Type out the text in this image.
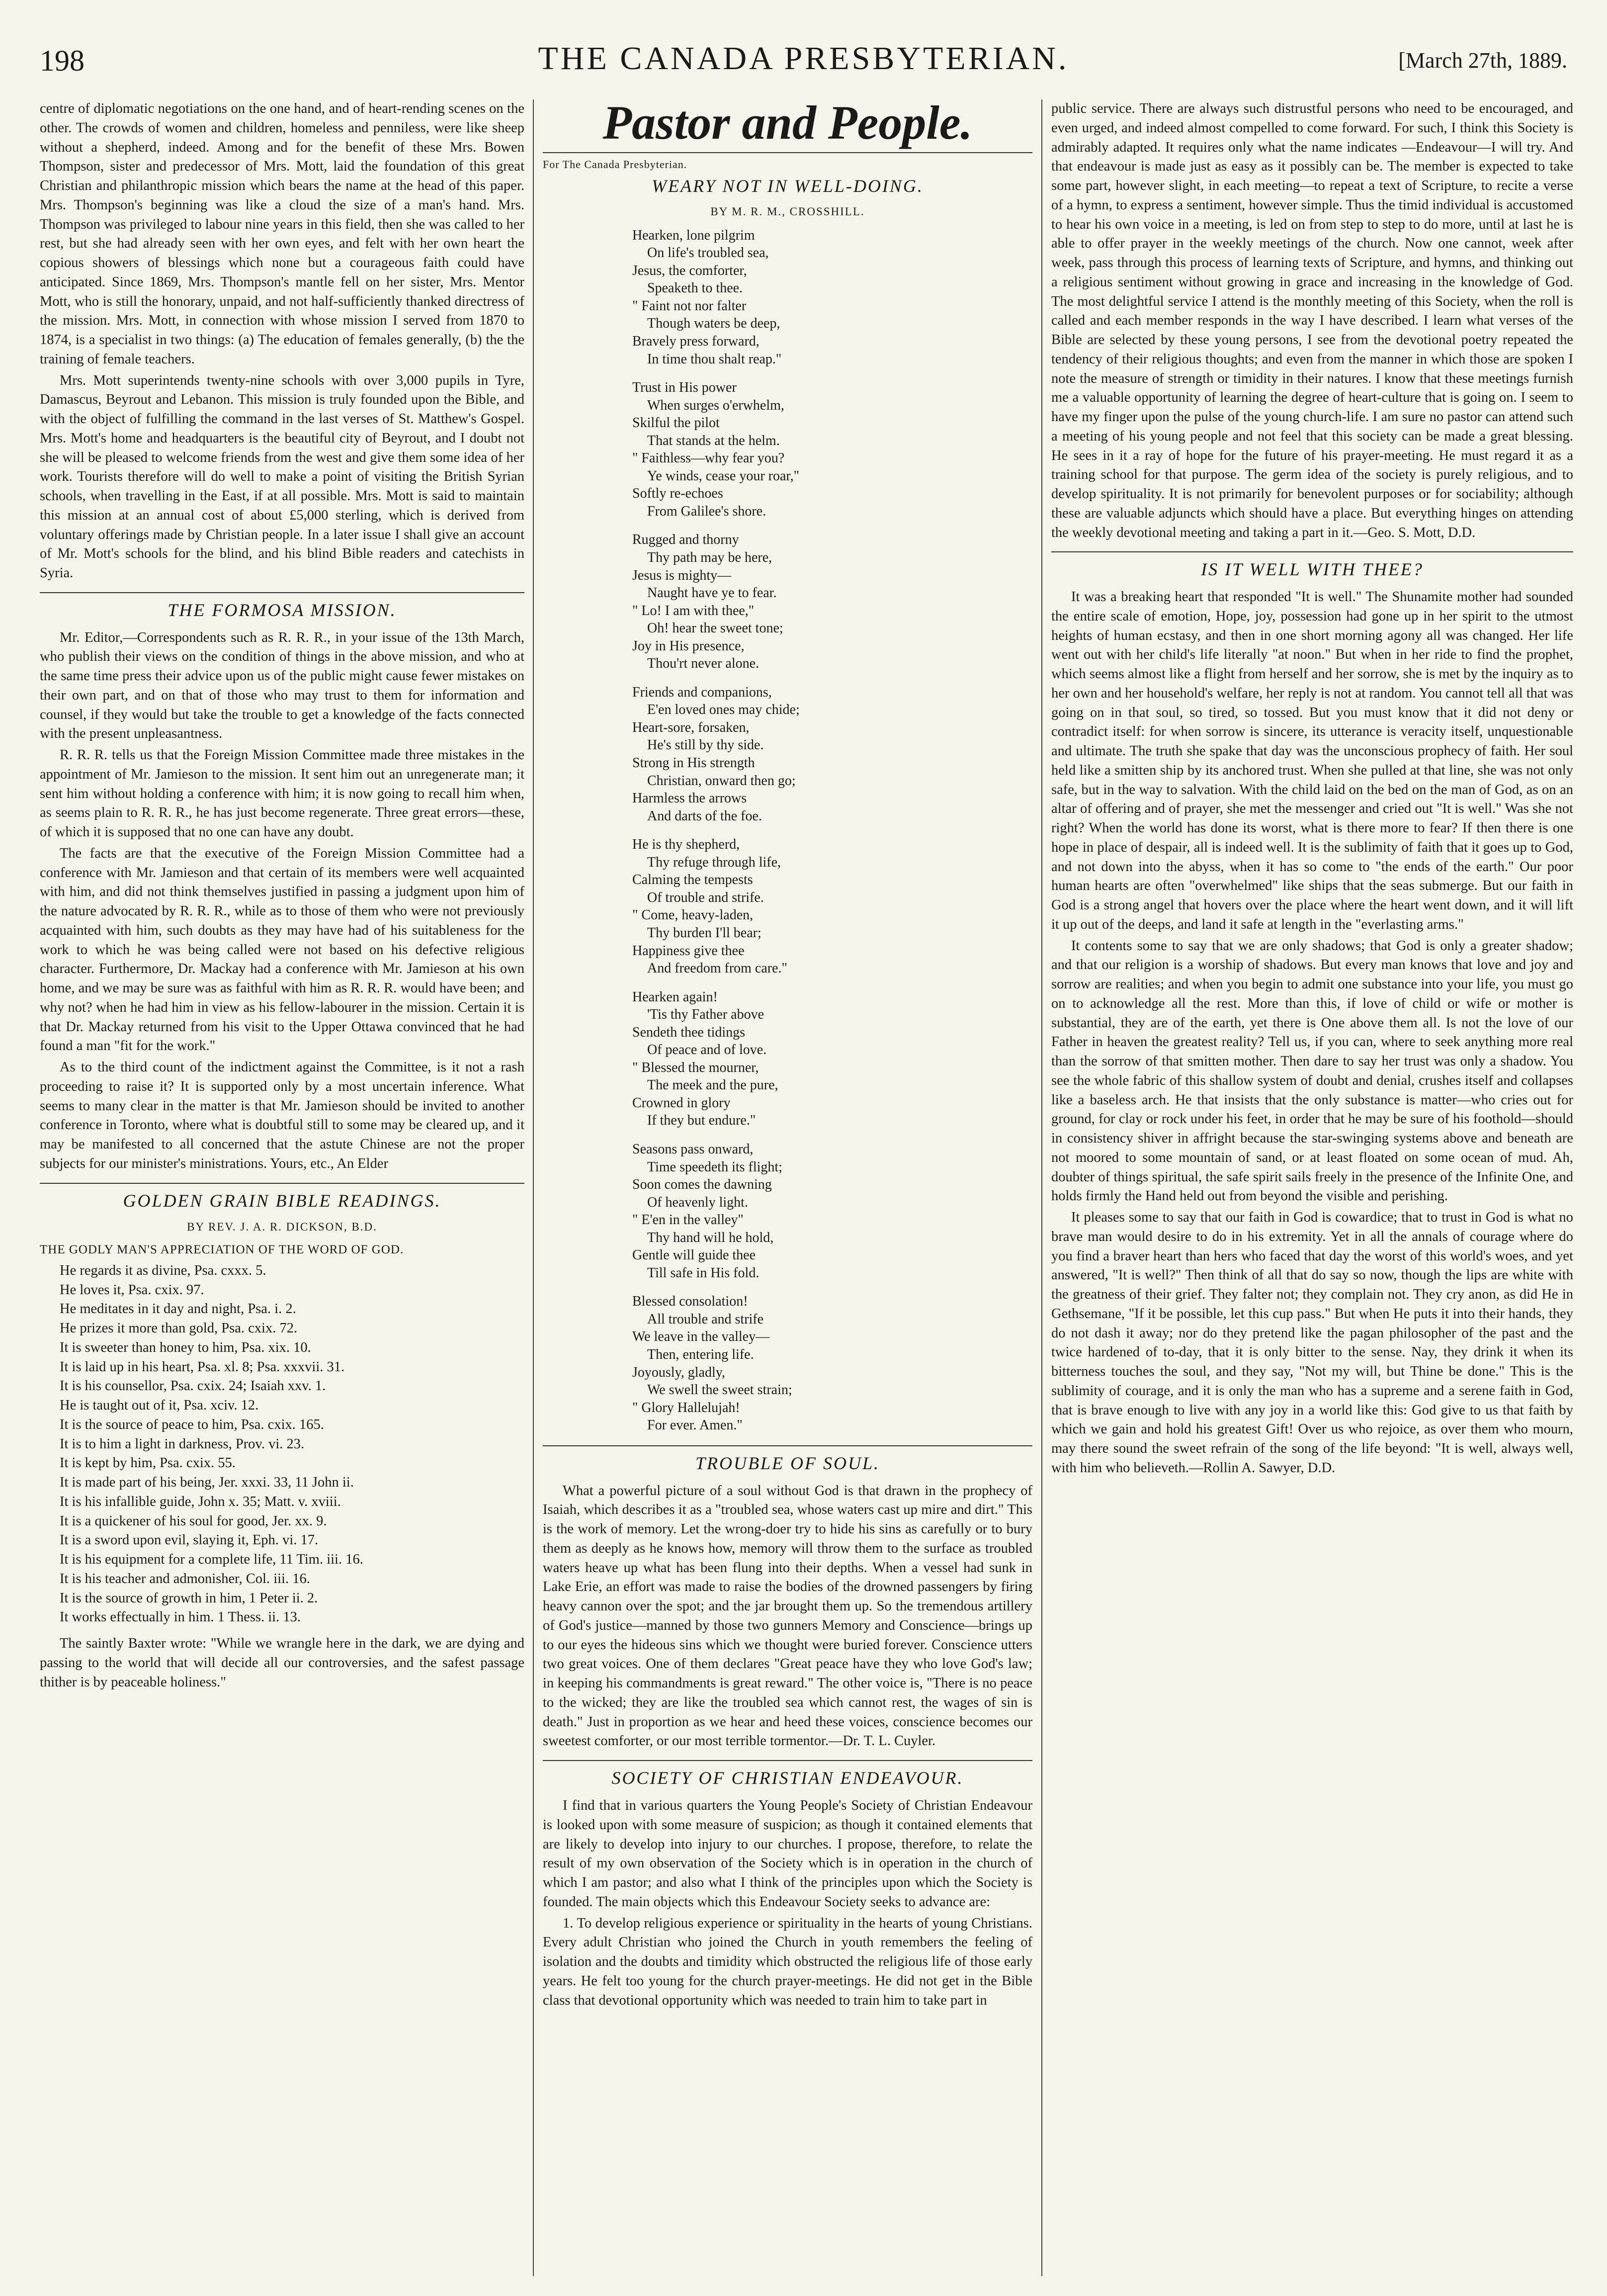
198	THE CANADA PRESBYTERIAN.	[March 27th, 1889.

centre of diplomatic negotiations on the one hand, and of heart-rending scenes on the other. The crowds of women and children, homeless and penniless, were like sheep without a shepherd, indeed. Among and for the benefit of these Mrs. Bowen Thompson, sister and predecessor of Mrs. Mott, laid the foundation of this great Christian and philanthropic mission which bears the name at the head of this paper. Mrs. Thompson's beginning was like a cloud the size of a man's hand. Mrs. Thompson was privileged to labour nine years in this field, then she was called to her rest, but she had already seen with her own eyes, and felt with her own heart the copious showers of blessings which none but a courageous faith could have anticipated. Since 1869, Mrs. Thompson's mantle fell on her sister, Mrs. Mentor Mott, who is still the honorary, unpaid, and not half-sufficiently thanked directress of the mission. Mrs. Mott, in connection with whose mission I served from 1870 to 1874, is a specialist in two things: (a) The education of females generally, (b) the the training of female teachers.

Mrs. Mott superintends twenty-nine schools with over 3,000 pupils in Tyre, Damascus, Beyrout and Lebanon. This mission is truly founded upon the Bible, and with the object of fulfilling the command in the last verses of St. Matthew's Gospel. Mrs. Mott's home and headquarters is the beautiful city of Beyrout, and I doubt not she will be pleased to welcome friends from the west and give them some idea of her work. Tourists therefore will do well to make a point of visiting the British Syrian schools, when travelling in the East, if at all possible. Mrs. Mott is said to maintain this mission at an annual cost of about £5,000 sterling, which is derived from voluntary offerings made by Christian people. In a later issue I shall give an account of Mr. Mott's schools for the blind, and his blind Bible readers and catechists in Syria.

THE FORMOSA MISSION.

Mr. Editor,—Correspondents such as R. R. R., in your issue of the 13th March, who publish their views on the condition of things in the above mission, and who at the same time press their advice upon us of the public might cause fewer mistakes on their own part, and on that of those who may trust to them for information and counsel, if they would but take the trouble to get a knowledge of the facts connected with the present unpleasantness.

R. R. R. tells us that the Foreign Mission Committee made three mistakes in the appointment of Mr. Jamieson to the mission. It sent him out an unregenerate man; it sent him without holding a conference with him; it is now going to recall him when, as seems plain to R. R. R., he has just become regenerate. Three great errors—these, of which it is supposed that no one can have any doubt.

The facts are that the executive of the Foreign Mission Committee had a conference with Mr. Jamieson and that certain of its members were well acquainted with him, and did not think themselves justified in passing a judgment upon him of the nature advocated by R. R. R., while as to those of them who were not previously acquainted with him, such doubts as they may have had of his suitableness for the work to which he was being called were not based on his defective religious character. Furthermore, Dr. Mackay had a conference with Mr. Jamieson at his own home, and we may be sure was as faithful with him as R. R. R. would have been; and why not? when he had him in view as his fellow-labourer in the mission. Certain it is that Dr. Mackay returned from his visit to the Upper Ottawa convinced that he had found a man "fit for the work."

As to the third count of the indictment against the Committee, is it not a rash proceeding to raise it? It is supported only by a most uncertain inference. What seems to many clear in the matter is that Mr. Jamieson should be invited to another conference in Toronto, where what is doubtful still to some may be cleared up, and it may be manifested to all concerned that the astute Chinese are not the proper subjects for our minister's ministrations. Yours, etc., An Elder

GOLDEN GRAIN BIBLE READINGS.
BY REV. J. A. R. DICKSON, B.D.
THE GODLY MAN'S APPRECIATION OF THE WORD OF GOD.
He regards it as divine, Psa. cxxx. 5.
He loves it, Psa. cxix. 97.
He meditates in it day and night, Psa. i. 2.
He prizes it more than gold, Psa. cxix. 72.
It is sweeter than honey to him, Psa. xix. 10.
It is laid up in his heart, Psa. xl. 8; Psa. xxxvii. 31.
It is his counsellor, Psa. cxix. 24; Isaiah xxv. 1.
He is taught out of it, Psa. xciv. 12.
It is the source of peace to him, Psa. cxix. 165.
It is to him a light in darkness, Prov. vi. 23.
It is kept by him, Psa. cxix. 55.
It is made part of his being, Jer. xxxi. 33, 11 John ii.
It is his infallible guide, John x. 35; Matt. v. xviii.
It is a quickener of his soul for good, Jer. xx. 9.
It is a sword upon evil, slaying it, Eph. vi. 17.
It is his equipment for a complete life, 11 Tim. iii. 16.
It is his teacher and admonisher, Col. iii. 16.
It is the source of growth in him, 1 Peter ii. 2.
It works effectually in him. 1 Thess. ii. 13.

The saintly Baxter wrote: "While we wrangle here in the dark, we are dying and passing to the world that will decide all our controversies, and the safest passage thither is by peaceable holiness."

Pastor and People.
For The Canada Presbyterian.
WEARY NOT IN WELL-DOING.
BY M. R. M., CROSSHILL.
Hearken, lone pilgrim
On life's troubled sea,
Jesus, the comforter,
Speaketh to thee.
" Faint not nor falter
Though waters be deep,
Bravely press forward,
In time thou shalt reap."
Trust in His power
When surges o'erwhelm,
Skilful the pilot
That stands at the helm.
" Faithless—why fear you?
Ye winds, cease your roar,"
Softly re-echoes
From Galilee's shore.
Rugged and thorny
Thy path may be here,
Jesus is mighty—
Naught have ye to fear.
" Lo! I am with thee,"
Oh! hear the sweet tone;
Joy in His presence,
Thou'rt never alone.
Friends and companions,
E'en loved ones may chide;
Heart-sore, forsaken,
He's still by thy side.
Strong in His strength
Christian, onward then go;
Harmless the arrows
And darts of the foe.
He is thy shepherd,
Thy refuge through life,
Calming the tempests
Of trouble and strife.
" Come, heavy-laden,
Thy burden I'll bear;
Happiness give thee
And freedom from care."
Hearken again!
'Tis thy Father above
Sendeth thee tidings
Of peace and of love.
" Blessed the mourner,
The meek and the pure,
Crowned in glory
If they but endure."
Seasons pass onward,
Time speedeth its flight;
Soon comes the dawning
Of heavenly light.
" E'en in the valley"
Thy hand will he hold,
Gentle will guide thee
Till safe in His fold.
Blessed consolation!
All trouble and strife
We leave in the valley—
Then, entering life.
Joyously, gladly,
We swell the sweet strain;
" Glory Hallelujah!
For ever. Amen."
TROUBLE OF SOUL.

What a powerful picture of a soul without God is that drawn in the prophecy of Isaiah, which describes it as a "troubled sea, whose waters cast up mire and dirt." This is the work of memory. Let the wrong-doer try to hide his sins as carefully or to bury them as deeply as he knows how, memory will throw them to the surface as troubled waters heave up what has been flung into their depths. When a vessel had sunk in Lake Erie, an effort was made to raise the bodies of the drowned passengers by firing heavy cannon over the spot; and the jar brought them up. So the tremendous artillery of God's justice—manned by those two gunners Memory and Conscience—brings up to our eyes the hideous sins which we thought were buried forever. Conscience utters two great voices. One of them declares "Great peace have they who love God's law; in keeping his commandments is great reward." The other voice is, "There is no peace to the wicked; they are like the troubled sea which cannot rest, the wages of sin is death." Just in proportion as we hear and heed these voices, conscience becomes our sweetest comforter, or our most terrible tormentor.—Dr. T. L. Cuyler.

SOCIETY OF CHRISTIAN ENDEAVOUR.

I find that in various quarters the Young People's Society of Christian Endeavour is looked upon with some measure of suspicion; as though it contained elements that are likely to develop into injury to our churches. I propose, therefore, to relate the result of my own observation of the Society which is in operation in the church of which I am pastor; and also what I think of the principles upon which the Society is founded. The main objects which this Endeavour Society seeks to advance are:

1. To develop religious experience or spirituality in the hearts of young Christians. Every adult Christian who joined the Church in youth remembers the feeling of isolation and the doubts and timidity which obstructed the religious life of those early years. He felt too young for the church prayer-meetings. He did not get in the Bible class that devotional opportunity which was needed to train him to take part in

public service. There are always such distrustful persons who need to be encouraged, and even urged, and indeed almost compelled to come forward. For such, I think this Society is admirably adapted. It requires only what the name indicates —Endeavour—I will try. And that endeavour is made just as easy as it possibly can be. The member is expected to take some part, however slight, in each meeting—to repeat a text of Scripture, to recite a verse of a hymn, to express a sentiment, however simple. Thus the timid individual is accustomed to hear his own voice in a meeting, is led on from step to step to do more, until at last he is able to offer prayer in the weekly meetings of the church. Now one cannot, week after week, pass through this process of learning texts of Scripture, and hymns, and thinking out a religious sentiment without growing in grace and increasing in the knowledge of God. The most delightful service I attend is the monthly meeting of this Society, when the roll is called and each member responds in the way I have described. I learn what verses of the Bible are selected by these young persons, I see from the devotional poetry repeated the tendency of their religious thoughts; and even from the manner in which those are spoken I note the measure of strength or timidity in their natures. I know that these meetings furnish me a valuable opportunity of learning the degree of heart-culture that is going on. I seem to have my finger upon the pulse of the young church-life. I am sure no pastor can attend such a meeting of his young people and not feel that this society can be made a great blessing. He sees in it a ray of hope for the future of his prayer-meeting. He must regard it as a training school for that purpose. The germ idea of the society is purely religious, and to develop spirituality. It is not primarily for benevolent purposes or for sociability; although these are valuable adjuncts which should have a place. But everything hinges on attending the weekly devotional meeting and taking a part in it.—Geo. S. Mott, D.D.

IS IT WELL WITH THEE?

It was a breaking heart that responded "It is well." The Shunamite mother had sounded the entire scale of emotion, Hope, joy, possession had gone up in her spirit to the utmost heights of human ecstasy, and then in one short morning agony all was changed. Her life went out with her child's life literally "at noon." But when in her ride to find the prophet, which seems almost like a flight from herself and her sorrow, she is met by the inquiry as to her own and her household's welfare, her reply is not at random. You cannot tell all that was going on in that soul, so tired, so tossed. But you must know that it did not deny or contradict itself: for when sorrow is sincere, its utterance is veracity itself, unquestionable and ultimate. The truth she spake that day was the unconscious prophecy of faith. Her soul held like a smitten ship by its anchored trust. When she pulled at that line, she was not only safe, but in the way to salvation. With the child laid on the bed on the man of God, as on an altar of offering and of prayer, she met the messenger and cried out "It is well." Was she not right? When the world has done its worst, what is there more to fear? If then there is one hope in place of despair, all is indeed well. It is the sublimity of faith that it goes up to God, and not down into the abyss, when it has so come to "the ends of the earth." Our poor human hearts are often "overwhelmed" like ships that the seas submerge. But our faith in God is a strong angel that hovers over the place where the heart went down, and it will lift it up out of the deeps, and land it safe at length in the "everlasting arms."

It contents some to say that we are only shadows; that God is only a greater shadow; and that our religion is a worship of shadows. But every man knows that love and joy and sorrow are realities; and when you begin to admit one substance into your life, you must go on to acknowledge all the rest. More than this, if love of child or wife or mother is substantial, they are of the earth, yet there is One above them all. Is not the love of our Father in heaven the greatest reality? Tell us, if you can, where to seek anything more real than the sorrow of that smitten mother. Then dare to say her trust was only a shadow. You see the whole fabric of this shallow system of doubt and denial, crushes itself and collapses like a baseless arch. He that insists that the only substance is matter—who cries out for ground, for clay or rock under his feet, in order that he may be sure of his foothold—should in consistency shiver in affright because the star-swinging systems above and beneath are not moored to some mountain of sand, or at least floated on some ocean of mud. Ah, doubter of things spiritual, the safe spirit sails freely in the presence of the Infinite One, and holds firmly the Hand held out from beyond the visible and perishing.

It pleases some to say that our faith in God is cowardice; that to trust in God is what no brave man would desire to do in his extremity. Yet in all the annals of courage where do you find a braver heart than hers who faced that day the worst of this world's woes, and yet answered, "It is well?" Then think of all that do say so now, though the lips are white with the greatness of their grief. They falter not; they complain not. They cry anon, as did He in Gethsemane, "If it be possible, let this cup pass." But when He puts it into their hands, they do not dash it away; nor do they pretend like the pagan philosopher of the past and the twice hardened of to-day, that it is only bitter to the sense. Nay, they drink it when its bitterness touches the soul, and they say, "Not my will, but Thine be done." This is the sublimity of courage, and it is only the man who has a supreme and a serene faith in God, that is brave enough to live with any joy in a world like this: God give to us that faith by which we gain and hold his greatest Gift! Over us who rejoice, as over them who mourn, may there sound the sweet refrain of the song of the life beyond: "It is well, always well, with him who believeth.—Rollin A. Sawyer, D.D.
